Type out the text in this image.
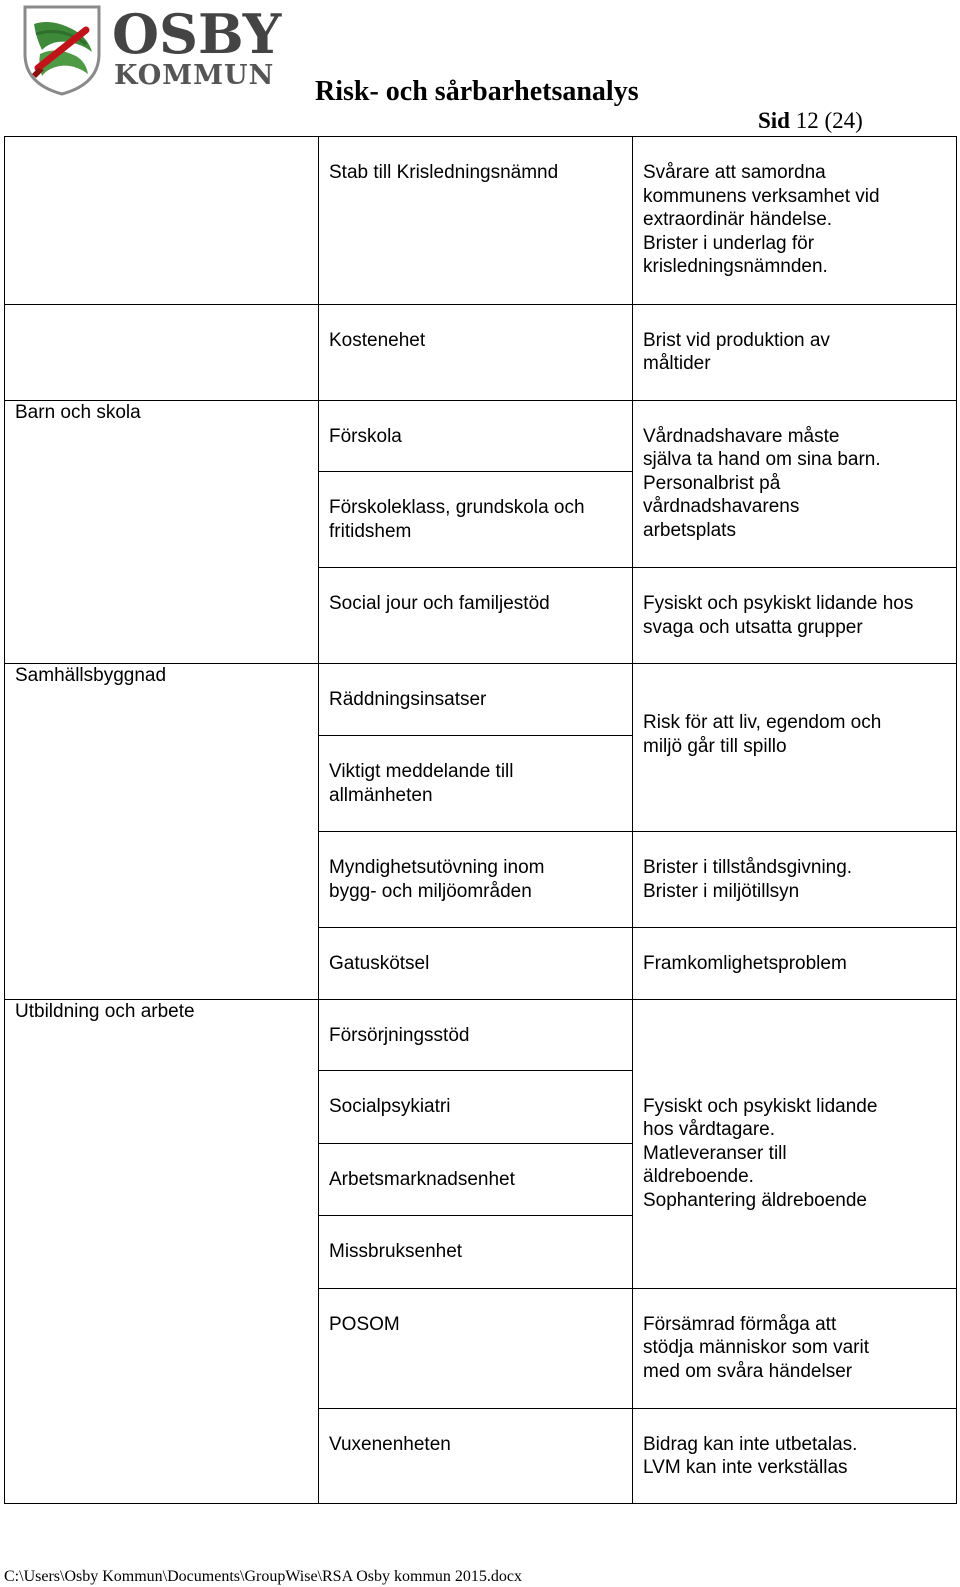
OSBY
KOMMUN
Risk- och sårbarhetsanalys
Sid 12 (24)
	Stab till Krisledningsnämnd	Svårare att samordna
kommunens verksamhet vid
extraordinär händelse.
Brister i underlag för
krisledningsnämnden.
	Kostenehet	Brist vid produktion av
måltider
Barn och skola	Förskola	Vårdnadshavare måste
själva ta hand om sina barn.
Personalbrist på
vårdnadshavarens
arbetsplats
	Förskoleklass, grundskola och
fritidshem	
	Social jour och familjestöd	Fysiskt och psykiskt lidande hos
svaga och utsatta grupper
Samhällsbyggnad	Räddningsinsatser	Risk för att liv, egendom och
miljö går till spillo
	Viktigt meddelande till
allmänheten	
	Myndighetsutövning inom
bygg- och miljöområden	Brister i tillståndsgivning.
Brister i miljötillsyn
	Gatuskötsel	Framkomlighetsproblem
Utbildning och arbete	Försörjningsstöd	Fysiskt och psykiskt lidande
hos vårdtagare.
Matleveranser till
äldreboende.
Sophantering äldreboende
	Socialpsykiatri	
	Arbetsmarknadsenhet	
	Missbruksenhet	
	POSOM	Försämrad förmåga att
stödja människor som varit
med om svåra händelser
	Vuxenenheten	Bidrag kan inte utbetalas.
LVM kan inte verkställas
C:\Users\Osby Kommun\Documents\GroupWise\RSA Osby kommun 2015.docx
